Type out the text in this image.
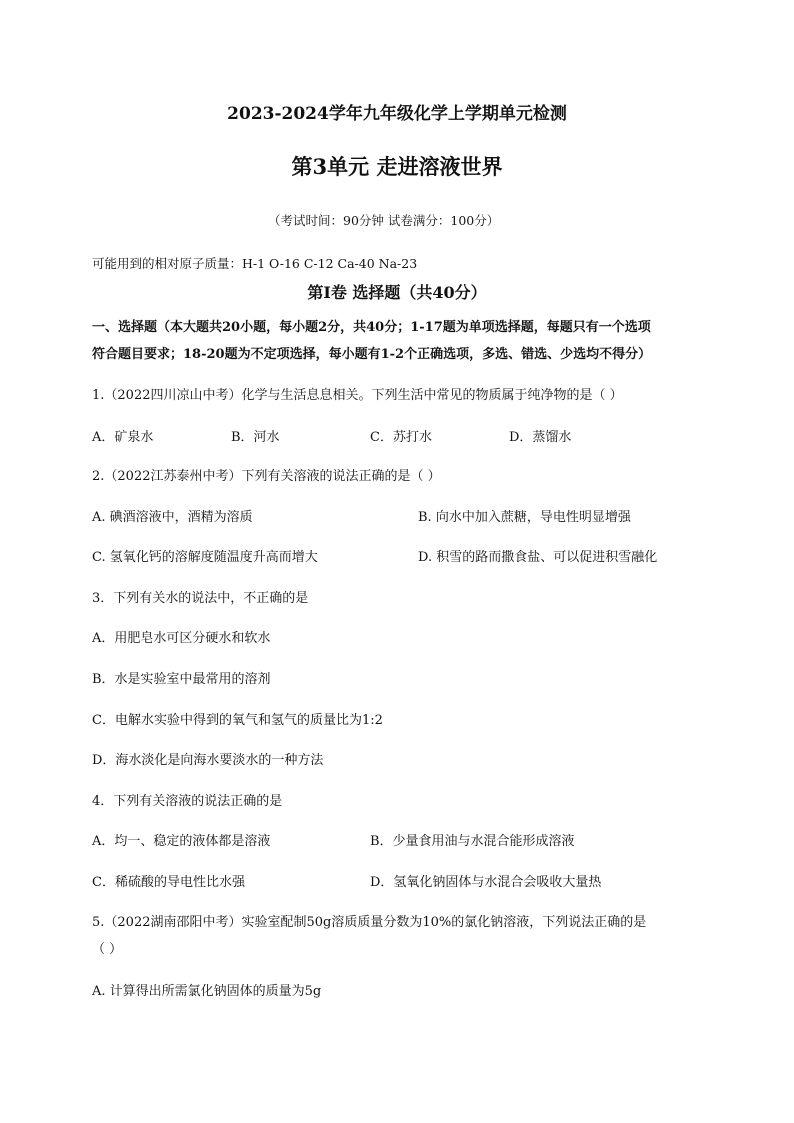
2023-2024学年九年级化学上学期单元检测
第3单元 走进溶液世界
（考试时间：90分钟 试卷满分：100分）
可能用到的相对原子质量：H-1 O-16 C-12 Ca-40 Na-23
第Ⅰ卷 选择题（共40分）
一、选择题（本大题共20小题，每小题2分，共40分；1-17题为单项选择题，每题只有一个选项
符合题目要求；18-20题为不定项选择，每小题有1-2个正确选项，多选、错选、少选均不得分）
1.（2022四川凉山中考）化学与生活息息相关。下列生活中常见的物质属于纯净物的是（ ）
A．矿泉水	B．河水	C．苏打水	D．蒸馏水
2.（2022江苏泰州中考）下列有关溶液的说法正确的是（ ）
A. 碘酒溶液中，酒精为溶质	B. 向水中加入蔗糖，导电性明显增强
C. 氢氧化钙的溶解度随温度升高而增大	D. 积雪的路而撒食盐、可以促进积雪融化
3．下列有关水的说法中，不正确的是
A．用肥皂水可区分硬水和软水
B．水是实验室中最常用的溶剂
C．电解水实验中得到的氧气和氢气的质量比为1:2
D．海水淡化是向海水要淡水的一种方法
4．下列有关溶液的说法正确的是
A．均一、稳定的液体都是溶液	B．少量食用油与水混合能形成溶液
C．稀硫酸的导电性比水强	D．氢氧化钠固体与水混合会吸收大量热
5.（2022湖南邵阳中考）实验室配制50g溶质质量分数为10%的氯化钠溶液，下列说法正确的是
（ ）
A. 计算得出所需氯化钠固体的质量为5g
